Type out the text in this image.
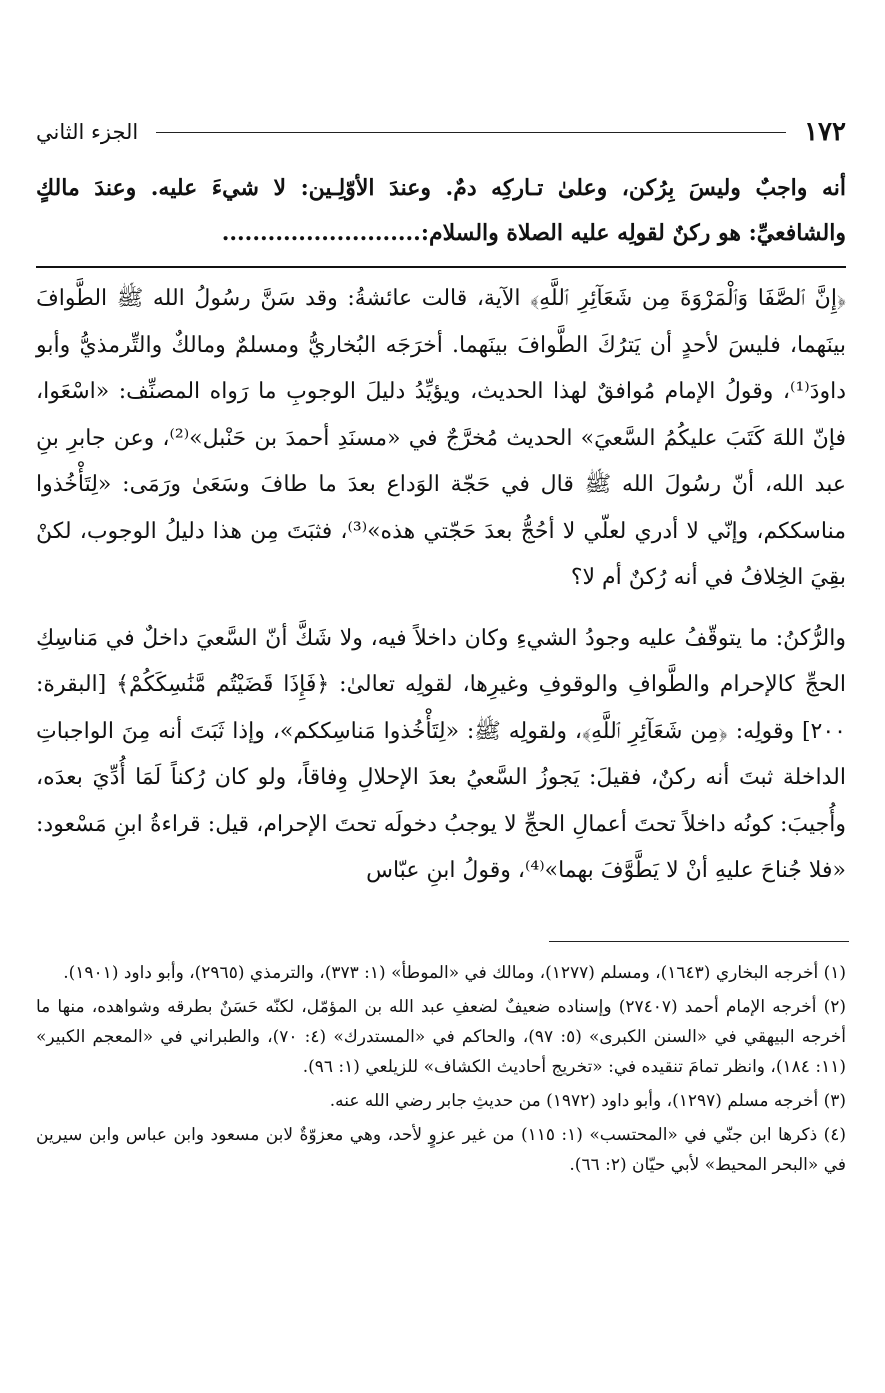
١٧٢
الجزء الثاني
أنه واجبٌ وليسَ بِرُكن، وعلىٰ تـاركِه دمٌ. وعندَ الأوّلِـين: لا شيءَ عليه. وعندَ مالكٍ والشافعيِّ: هو ركنٌ لقولِه عليه الصلاة والسلام:..........................

﴿إِنَّ ٱلصَّفَا وَٱلْمَرْوَةَ مِن شَعَآئِرِ ٱللَّهِ﴾ الآية، قالت عائشةُ: وقد سَنَّ رسُولُ الله ﷺ الطَّوافَ بينَهما، فليسَ لأحدٍ أن يَترُكَ الطَّوافَ بينَهما. أخرَجَه البُخاريُّ ومسلمٌ ومالكٌ والتِّرمذيُّ وأبو داودَ⁽¹⁾، وقولُ الإمام مُوافقٌ لهذا الحديث، ويؤيِّدُ دليلَ الوجوبِ ما رَواه المصنِّف: «اسْعَوا، فإنّ اللهَ كَتَبَ عليكُمُ السَّعيَ» الحديث مُخرَّجٌ في «مسنَدِ أحمدَ بن حَنْبل»⁽²⁾، وعن جابرِ بنِ عبد الله، أنّ رسُولَ الله ﷺ قال في حَجّة الوَداع بعدَ ما طافَ وسَعَىٰ ورَمَى: «لِتَأْخُذوا مناسككم، وإنّي لا أدري لعلّي لا أحُجُّ بعدَ حَجّتي هذه»⁽³⁾، فثبَتَ مِن هذا دليلُ الوجوب، لكنْ بقِيَ الخِلافُ في أنه رُكنٌ أم لا؟

والرُّكنُ: ما يتوقّفُ عليه وجودُ الشيءِ وكان داخلاً فيه، ولا شَكَّ أنّ السَّعيَ داخلٌ في مَناسِكِ الحجِّ كالإحرام والطَّوافِ والوقوفِ وغيرِها، لقولِه تعالىٰ: ﴿فَإِذَا قَضَيْتُم مَّنَٰسِكَكُمْ﴾ [البقرة: ٢٠٠] وقولِه: ﴿مِن شَعَآئِرِ ٱللَّهِ﴾، ولقولِه ﷺ: «لِتَأْخُذوا مَناسِككم»، وإذا ثَبَتَ أنه مِنَ الواجباتِ الداخلة ثبتَ أنه ركنٌ، فقيلَ: يَجوزُ السَّعيُ بعدَ الإحلالِ وِفاقاً، ولو كان رُكناً لَمَا أُدِّيَ بعدَه، وأُجيبَ: كونُه داخلاً تحتَ أعمالِ الحجِّ لا يوجبُ دخولَه تحتَ الإحرام، قيل: قراءةُ ابنِ مَسْعود: «فلا جُناحَ عليهِ أنْ لا يَطَّوَّفَ بهما»⁽⁴⁾، وقولُ ابنِ عبّاس

(١) أخرجه البخاري (١٦٤٣)، ومسلم (١٢٧٧)، ومالك في «الموطأ» (١: ٣٧٣)، والترمذي (٢٩٦٥)، وأبو داود (١٩٠١).

(٢) أخرجه الإمام أحمد (٢٧٤٠٧) وإسناده ضعيفٌ لضعفِ عبد الله بن المؤمّل، لكنّه حَسَنٌ بطرقه وشواهده، منها ما أخرجه البيهقي في «السنن الكبرى» (٥: ٩٧)، والحاكم في «المستدرك» (٤: ٧٠)، والطبراني في «المعجم الكبير» (١١: ١٨٤)، وانظر تمامَ تنقيده في: «تخريج أحاديث الكشاف» للزيلعي (١: ٩٦).

(٣) أخرجه مسلم (١٢٩٧)، وأبو داود (١٩٧٢) من حديثِ جابر رضي الله عنه.

(٤) ذكرها ابن جنّي في «المحتسب» (١: ١١٥) من غير عزوٍ لأحد، وهي معزوّةٌ لابن مسعود وابن عباس وابن سيرين في «البحر المحيط» لأبي حيّان (٢: ٦٦).
